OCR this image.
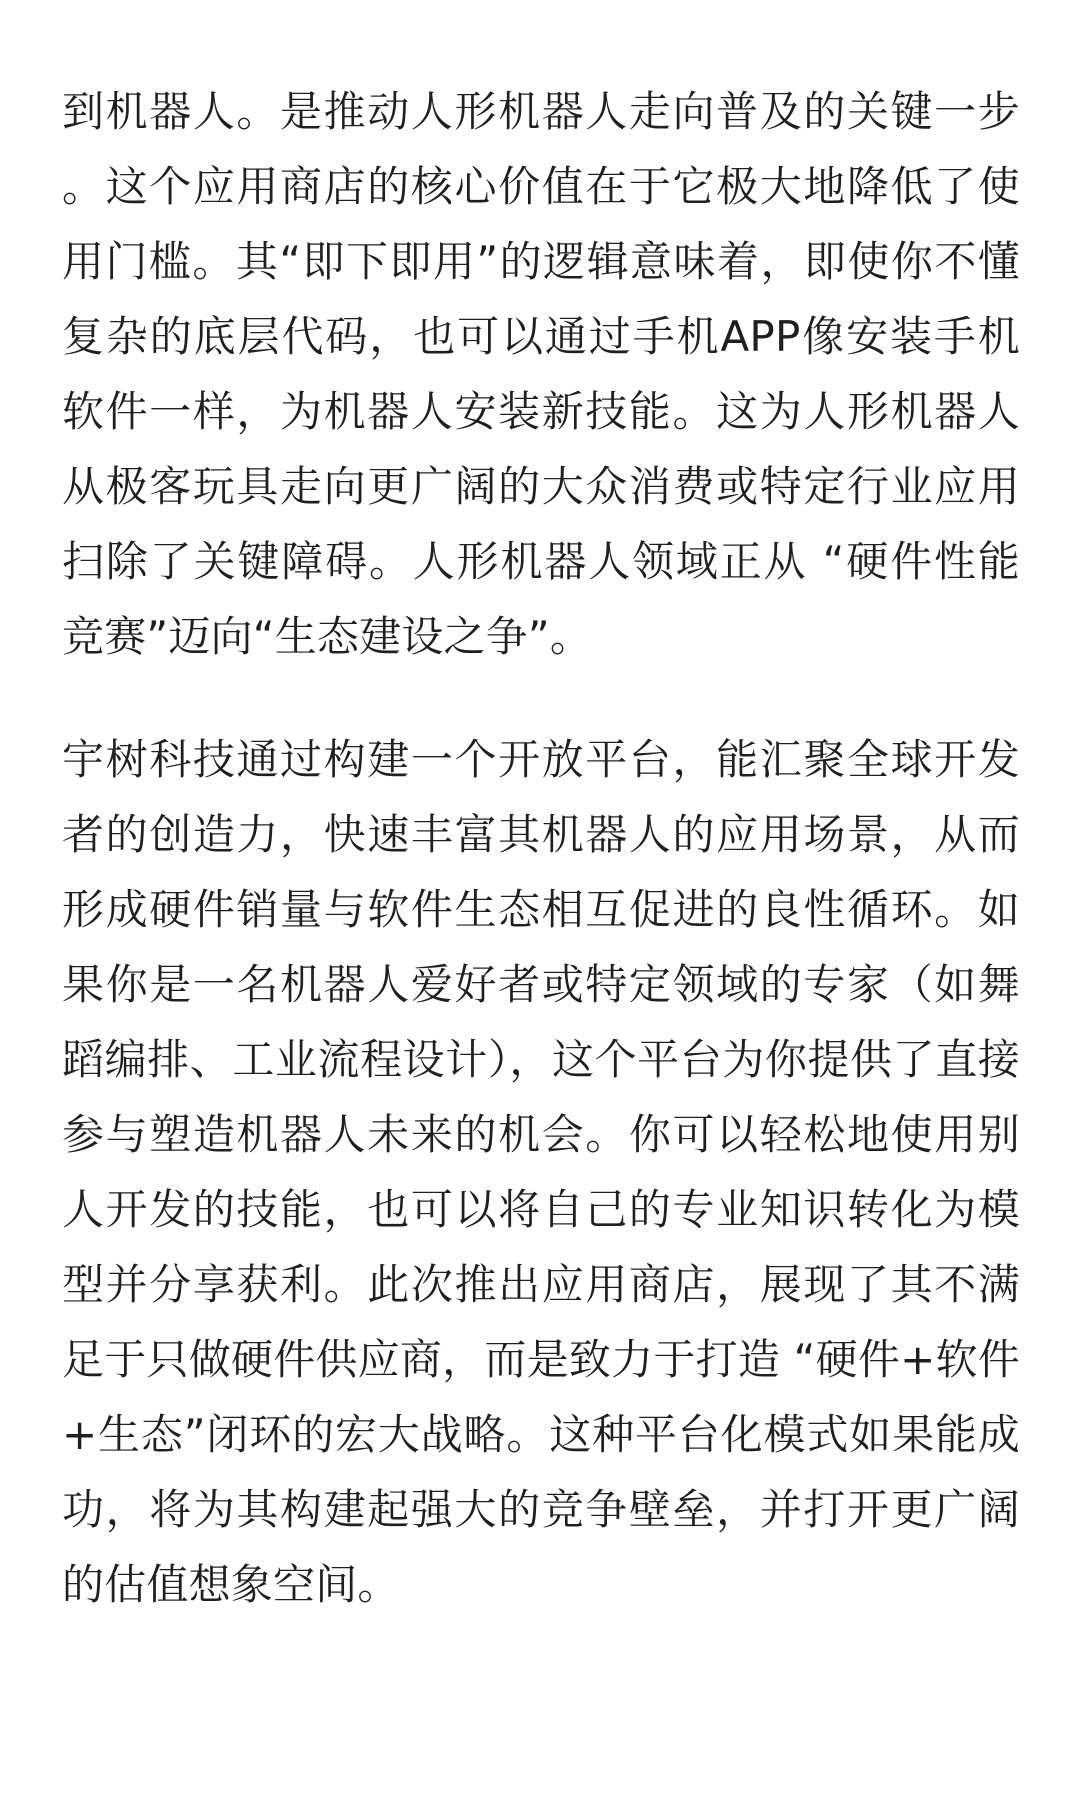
到机器人。是推动人形机器人走向普及的关键一步。这个应用商店的核心价值在于它极大地降低了使用门槛。其“即下即用”的逻辑意味着，即使你不懂复杂的底层代码，也可以通过手机APP像安装手机软件一样，为机器人安装新技能。这为人形机器人从极客玩具走向更广阔的大众消费或特定行业应用扫除了关键障碍。人形机器人领域正从 “硬件性能竞赛”迈向“生态建设之争”。

宇树科技通过构建一个开放平台，能汇聚全球开发者的创造力，快速丰富其机器人的应用场景，从而形成硬件销量与软件生态相互促进的良性循环。如果你是一名机器人爱好者或特定领域的专家（如舞蹈编排、工业流程设计），这个平台为你提供了直接参与塑造机器人未来的机会。你可以轻松地使用别人开发的技能，也可以将自己的专业知识转化为模型并分享获利。此次推出应用商店，展现了其不满足于只做硬件供应商，而是致力于打造 “硬件+软件+生态”闭环的宏大战略。这种平台化模式如果能成功，将为其构建起强大的竞争壁垒，并打开更广阔的估值想象空间。
